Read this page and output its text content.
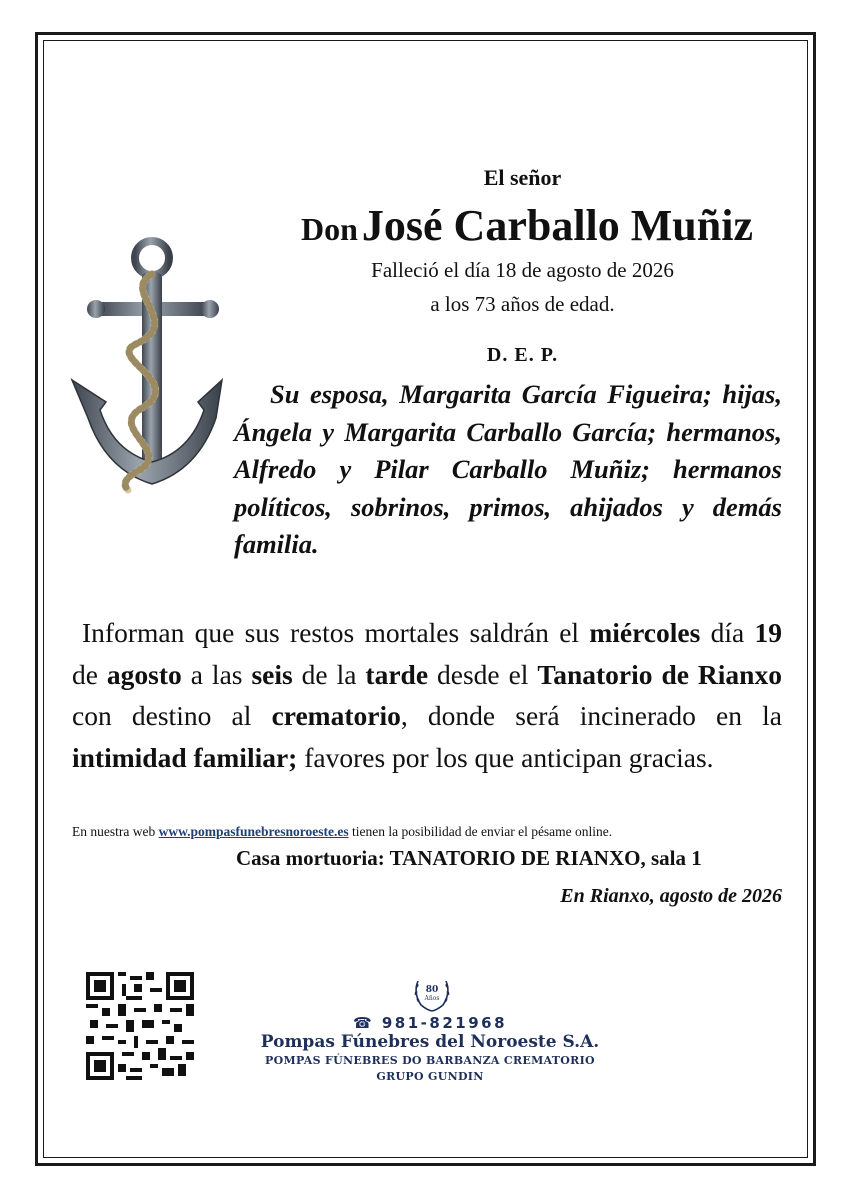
El señor
Don José Carballo Muñiz
Falleció el día 18 de agosto de 2026
a los 73 años de edad.
D. E. P.
Su esposa, Margarita García Figueira; hijas, Ángela y Margarita Carballo García; hermanos, Alfredo y Pilar Carballo Muñiz; hermanos políticos, sobrinos, primos, ahijados y demás familia.
Informan que sus restos mortales saldrán el miércoles día 19 de agosto a las seis de la tarde desde el Tanatorio de Rianxo con destino al crematorio, donde será incinerado en la intimidad familiar; favores por los que anticipan gracias.
En nuestra web www.pompasfunebresnoroeste.es tienen la posibilidad de enviar el pésame online.
Casa mortuoria: TANATORIO DE RIANXO, sala 1
En Rianxo, agosto de 2026
80
Años
☎ 981-821968
Pompas Fúnebres del Noroeste S.A.
POMPAS FÚNEBRES DO BARBANZA CREMATORIO
GRUPO GUNDIN
